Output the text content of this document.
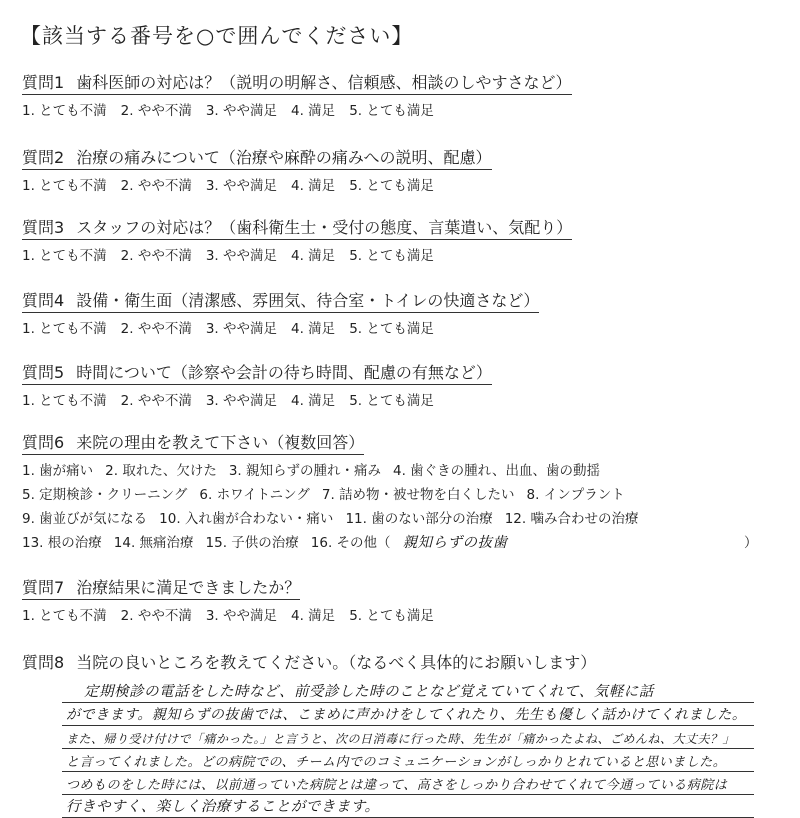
【該当する番号を○で囲んでください】
質問1 歯科医師の対応は？（説明の明解さ、信頼感、相談のしやすさなど）
1. とても不満 2. やや不満 3. やや満足 4. 満足 5. とても満足
質問2 治療の痛みについて（治療や麻酔の痛みへの説明、配慮）
1. とても不満 2. やや不満 3. やや満足 4. 満足 5. とても満足
質問3 スタッフの対応は？（歯科衛生士・受付の態度、言葉遣い、気配り）
1. とても不満 2. やや不満 3. やや満足 4. 満足 5. とても満足
質問4 設備・衛生面（清潔感、雰囲気、待合室・トイレの快適さなど）
1. とても不満 2. やや不満 3. やや満足 4. 満足 5. とても満足
質問5 時間について（診察や会計の待ち時間、配慮の有無など）
1. とても不満 2. やや不満 3. やや満足 4. 満足 5. とても満足
質問6 来院の理由を教えて下さい（複数回答）
1. 歯が痛い 2. 取れた、欠けた 3. 親知らずの腫れ・痛み 4. 歯ぐきの腫れ、出血、歯の動揺
5. 定期検診・クリーニング 6. ホワイトニング 7. 詰め物・被せ物を白くしたい 8. インプラント
9. 歯並びが気になる 10. 入れ歯が合わない・痛い 11. 歯のない部分の治療 12. 噛み合わせの治療
13. 根の治療 14. 無痛治療 15. 子供の治療 16. その他（ 親知らずの抜歯	）
質問7 治療結果に満足できましたか？
1. とても不満 2. やや不満 3. やや満足 4. 満足 5. とても満足
質問8 当院の良いところを教えてください。（なるべく具体的にお願いします）
定期検診の電話をした時など、前受診した時のことなど覚えていてくれて、気軽に話
ができます。親知らずの抜歯では、こまめに声かけをしてくれたり、先生も優しく話かけてくれました。
また、帰り受け付けで「痛かった。」と言うと、次の日消毒に行った時、先生が「痛かったよね、ごめんね、大丈夫？」
と言ってくれました。どの病院での、チーム内でのコミュニケーションがしっかりとれていると思いました。
つめものをした時には、以前通っていた病院とは違って、高さをしっかり合わせてくれて今通っている病院は
行きやすく、楽しく治療することができます。
